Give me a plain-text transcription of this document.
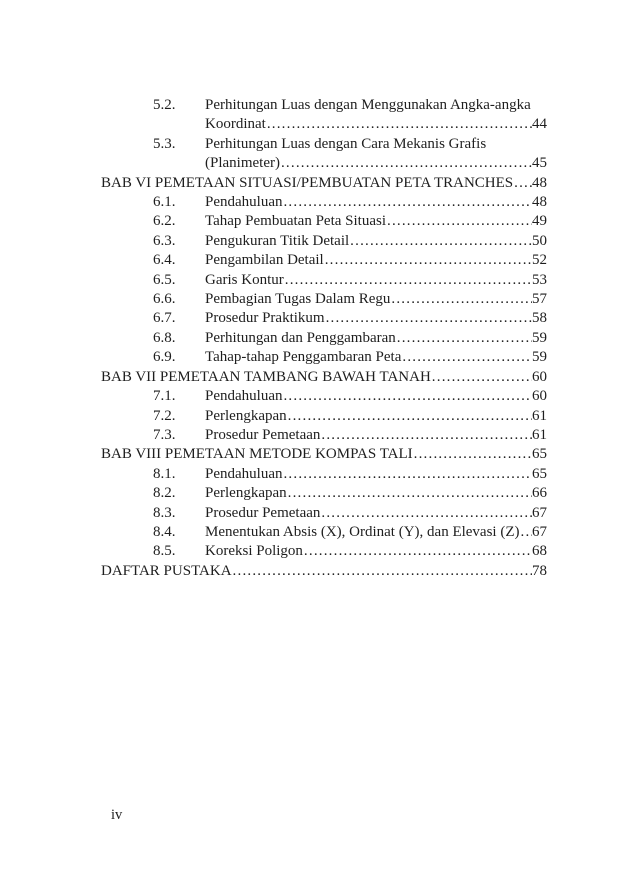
5.2.	Perhitungan Luas dengan Menggunakan Angka-angka
Koordinat .....	44
5.3.	Perhitungan Luas dengan Cara Mekanis Grafis
(Planimeter) .....	45
BAB VI PEMETAAN SITUASI/PEMBUATAN PETA TRANCHES ..... 48
6.1.	Pendahuluan .....	48
6.2.	Tahap Pembuatan Peta Situasi .....	49
6.3.	Pengukuran Titik Detail .....	50
6.4.	Pengambilan Detail .....	52
6.5.	Garis Kontur .....	53
6.6.	Pembagian Tugas Dalam Regu .....	57
6.7.	Prosedur Praktikum .....	58
6.8.	Perhitungan dan Penggambaran .....	59
6.9.	Tahap-tahap Penggambaran Peta .....	59
BAB VII PEMETAAN TAMBANG BAWAH TANAH .....	60
7.1.	Pendahuluan .....	60
7.2.	Perlengkapan .....	61
7.3.	Prosedur Pemetaan .....	61
BAB VIII PEMETAAN METODE KOMPAS TALI .....	65
8.1.	Pendahuluan .....	65
8.2.	Perlengkapan .....	66
8.3.	Prosedur Pemetaan .....	67
8.4.	Menentukan Absis (X), Ordinat (Y), dan Elevasi (Z) ..... 67
8.5.	Koreksi Poligon .....	68
DAFTAR PUSTAKA .....	78
iv
